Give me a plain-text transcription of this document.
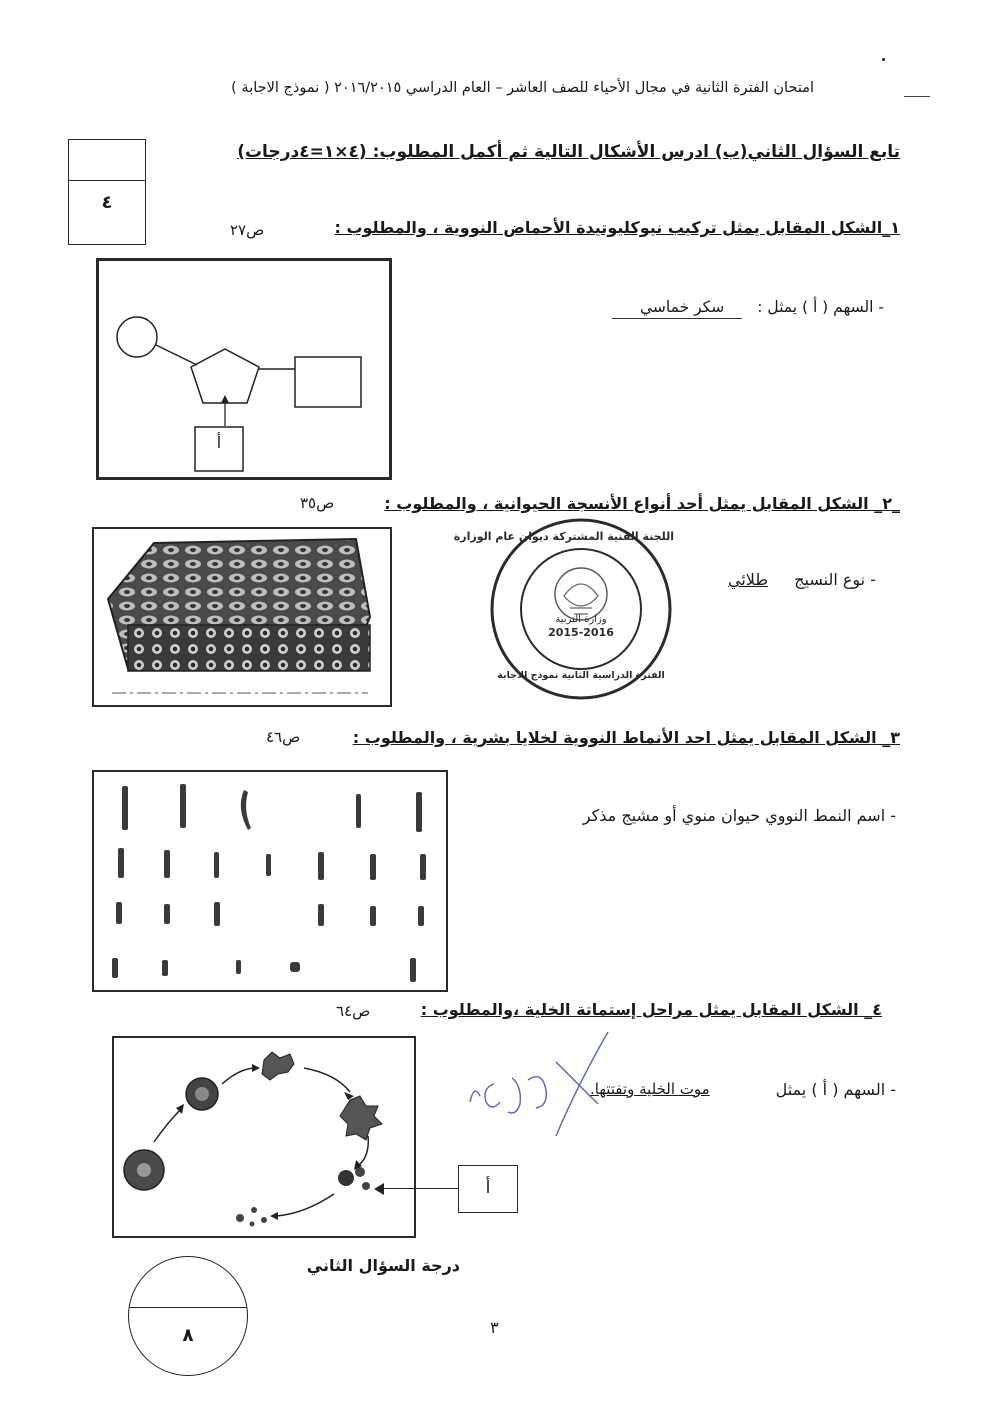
امتحان الفترة الثانية في مجال الأحياء للصف العاشر – العام الدراسي ٢٠١٦/٢٠١٥ ( نموذج الاجابة )
٤
تابع السؤال الثاني(ب) ادرس الأشكال التالية ثم أكمل المطلوب: (٤×١=٤درجات)
١_الشكل المقابل يمثل تركيب نيوكليوتيدة الأحماض النووية ، والمطلوب :
ص٢٧
أ
- السهم ( أ ) يمثل :
سكر خماسي
_٢_ الشكل المقابل يمثل أحد أنواع الأنسجة الحيوانية ، والمطلوب :
ص٣٥
اللجنة الفنية المشتركة ديوان عام الوزارة
وزارة التربية
2015-2016
الفترة الدراسية الثانية نموذج الاجابة
- نوع النسيج
طلائي
٣_ الشكل المقابل يمثل احد الأنماط النووية لخلايا بشرية ، والمطلوب :
ص٤٦
- اسم النمط النووي حيوان منوي أو مشيج مذكر
٤_ الشكل المقابل يمثل مراحل إستماتة الخلية ،والمطلوب :
ص٦٤
أ
- السهم ( أ ) يمثل
موت الخلية وتفتتها.
٨
درجة السؤال الثاني
٣
